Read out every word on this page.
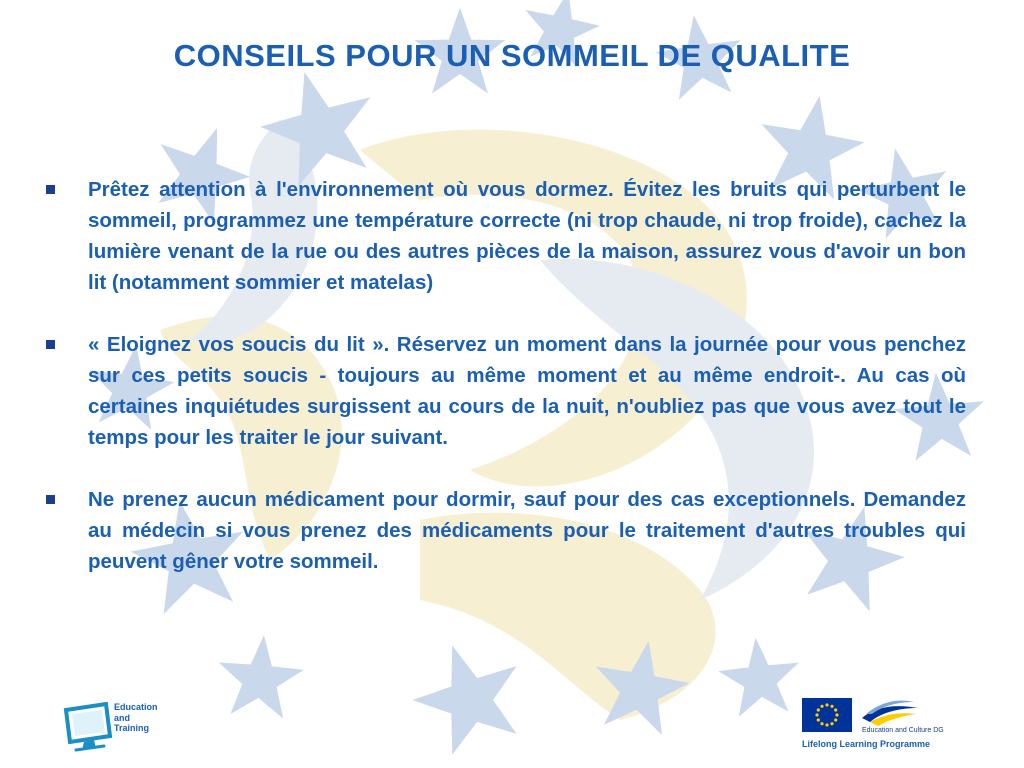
CONSEILS POUR UN SOMMEIL DE QUALITE
Prêtez attention à l'environnement où vous dormez. Évitez les bruits qui perturbent le sommeil, programmez une température correcte (ni trop chaude, ni trop froide), cachez la lumière venant de la rue ou des autres pièces de la maison, assurez vous d'avoir un bon lit (notamment sommier et matelas)
« Eloignez vos soucis du lit ». Réservez un moment dans la journée pour vous penchez sur ces petits soucis - toujours au même moment et au même endroit-. Au cas où certaines inquiétudes surgissent au cours de la nuit, n'oubliez pas que vous avez tout le temps pour les traiter le jour suivant.
Ne prenez aucun médicament pour dormir, sauf pour des cas exceptionnels. Demandez au médecin si vous prenez des médicaments pour le traitement d'autres troubles qui peuvent gêner votre sommeil.
Education
and
Training	Education and Culture DG
Lifelong Learning Programme
